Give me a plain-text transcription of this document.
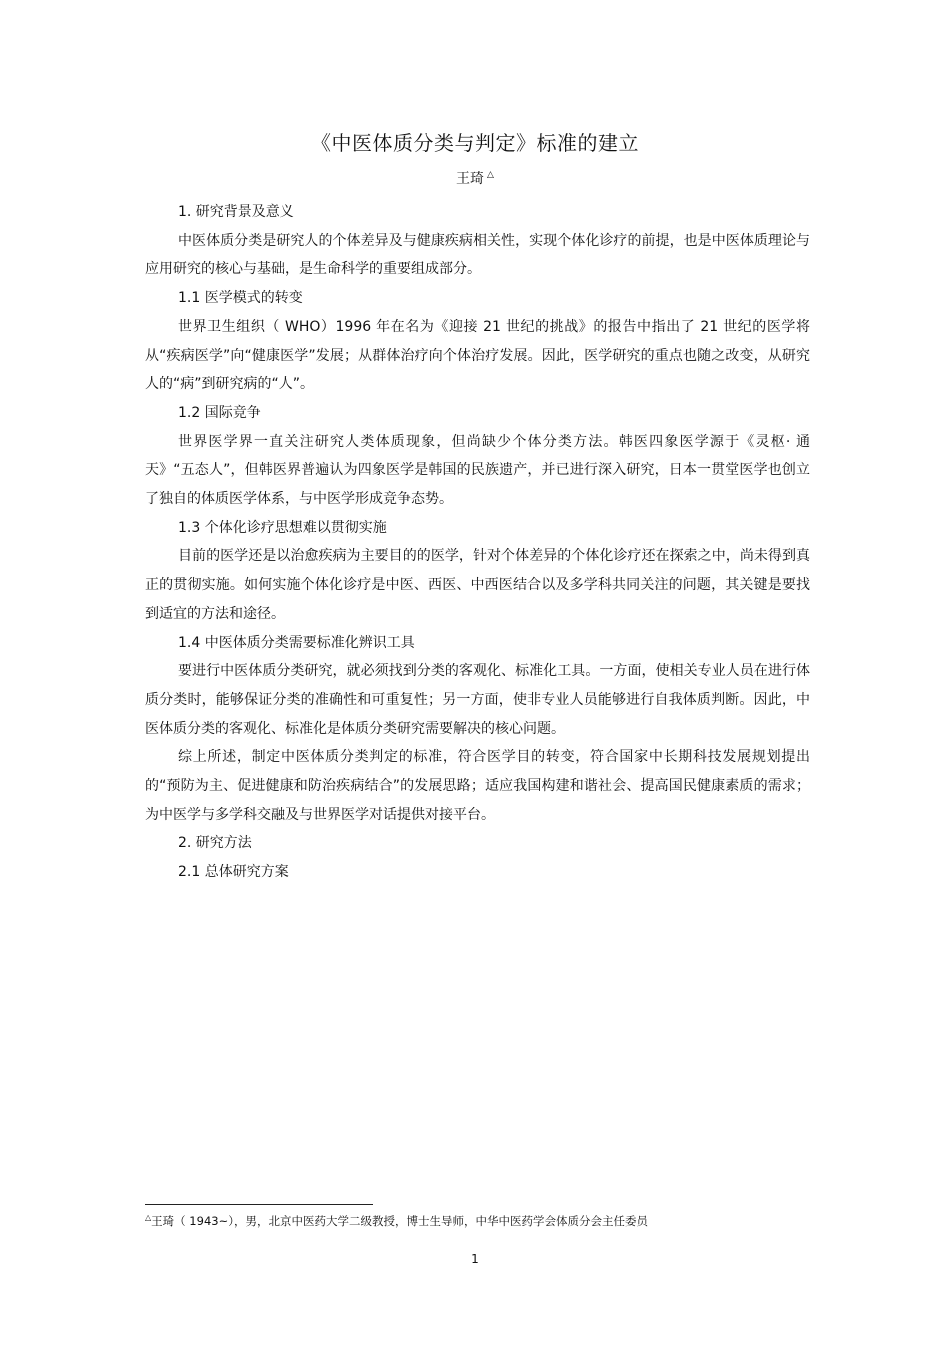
《中医体质分类与判定》标准的建立
王琦 △
1. 研究背景及意义
中医体质分类是研究人的个体差异及与健康疾病相关性，实现个体化诊疗的前提，也是中医体质理论与应用研究的核心与基础，是生命科学的重要组成部分。
1.1 医学模式的转变
世界卫生组织（ WHO）1996 年在名为《迎接 21 世纪的挑战》的报告中指出了 21 世纪的医学将从“疾病医学”向“健康医学”发展；从群体治疗向个体治疗发展。因此，医学研究的重点也随之改变，从研究人的“病”到研究病的“人”。
1.2 国际竞争
世界医学界一直关注研究人类体质现象，但尚缺少个体分类方法。韩医四象医学源于《灵枢· 通天》“五态人”，但韩医界普遍认为四象医学是韩国的民族遗产，并已进行深入研究，日本一贯堂医学也创立了独自的体质医学体系，与中医学形成竞争态势。
1.3 个体化诊疗思想难以贯彻实施
目前的医学还是以治愈疾病为主要目的的医学，针对个体差异的个体化诊疗还在探索之中，尚未得到真正的贯彻实施。如何实施个体化诊疗是中医、西医、中西医结合以及多学科共同关注的问题，其关键是要找到适宜的方法和途径。
1.4 中医体质分类需要标准化辨识工具
要进行中医体质分类研究，就必须找到分类的客观化、标准化工具。一方面，使相关专业人员在进行体质分类时，能够保证分类的准确性和可重复性；另一方面，使非专业人员能够进行自我体质判断。因此，中医体质分类的客观化、标准化是体质分类研究需要解决的核心问题。
综上所述，制定中医体质分类判定的标准，符合医学目的转变，符合国家中长期科技发展规划提出的“预防为主、促进健康和防治疾病结合”的发展思路；适应我国构建和谐社会、提高国民健康素质的需求；为中医学与多学科交融及与世界医学对话提供对接平台。
2. 研究方法
2.1 总体研究方案
△王琦（ 1943~），男，北京中医药大学二级教授，博士生导师，中华中医药学会体质分会主任委员
1
